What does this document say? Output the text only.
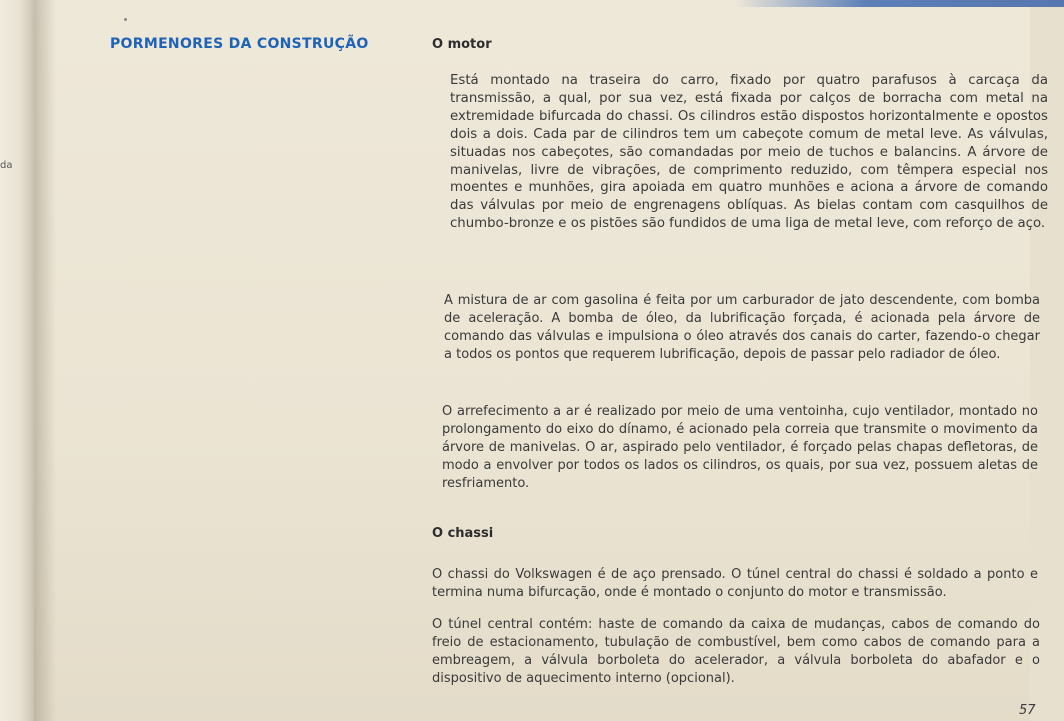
da
PORMENORES DA CONSTRUÇÃO	O motor

Está montado na traseira do carro, fixado por quatro parafusos à carcaça da transmissão, a qual, por sua vez, está fixada por calços de borracha com metal na extremidade bifurcada do chassi. Os cilindros estão dispostos horizontalmente e opostos dois a dois. Cada par de cilindros tem um cabeçote comum de metal leve. As válvulas, situadas nos cabeçotes, são comandadas por meio de tuchos e balancins. A árvore de manivelas, livre de vibrações, de comprimento reduzido, com têmpera especial nos moentes e munhões, gira apoiada em quatro munhões e aciona a árvore de comando das válvulas por meio de engrenagens oblíquas. As bielas contam com casquilhos de chumbo-bronze e os pistões são fundidos de uma liga de metal leve, com reforço de aço.

A mistura de ar com gasolina é feita por um carburador de jato descendente, com bomba de aceleração. A bomba de óleo, da lubrificação forçada, é acionada pela árvore de comando das válvulas e impulsiona o óleo através dos canais do carter, fazendo-o chegar a todos os pontos que requerem lubrificação, depois de passar pelo radiador de óleo.

O arrefecimento a ar é realizado por meio de uma ventoinha, cujo ventilador, montado no prolongamento do eixo do dínamo, é acionado pela correia que transmite o movimento da árvore de manivelas. O ar, aspirado pelo ventilador, é forçado pelas chapas defletoras, de modo a envolver por todos os lados os cilindros, os quais, por sua vez, possuem aletas de resfriamento.

O chassi

O chassi do Volkswagen é de aço prensado. O túnel central do chassi é soldado a ponto e termina numa bifurcação, onde é montado o conjunto do motor e transmissão.

O túnel central contém: haste de comando da caixa de mudanças, cabos de comando do freio de estacionamento, tubulação de combustível, bem como cabos de comando para a embreagem, a válvula borboleta do acelerador, a válvula borboleta do abafador e o dispositivo de aquecimento interno (opcional).

57
